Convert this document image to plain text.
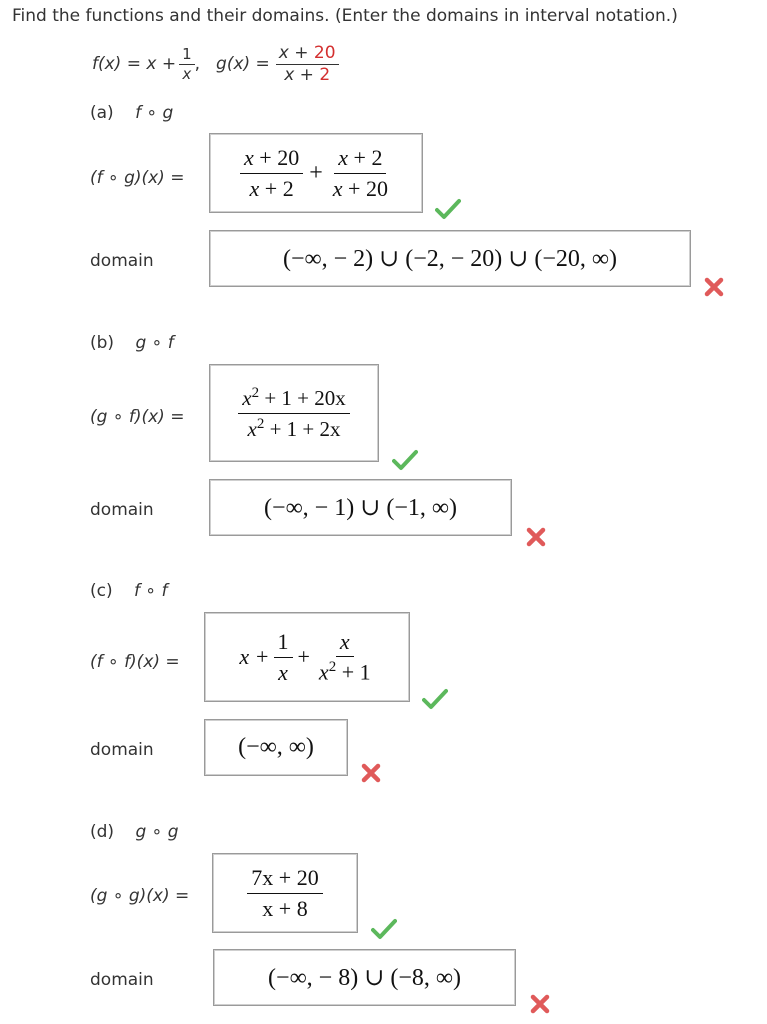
Find the functions and their domains. (Enter the domains in interval notation.)
$f(x) = x + \frac{1}{x}$ , $g(x) = \frac{x + 20}{x + 2}$
(a) f ∘ g
(f ∘ g)(x) =	$\frac{x + 20}{x + 2} + \frac{x + 2}{x + 20}$
domain	(−∞, − 2) ∪ (−2, − 20) ∪ (−20, ∞)
(b) g ∘ f
(g ∘ f)(x) =	$\frac{x^2 + 1 + 20x}{x^2 + 1 + 2x}$
domain	(−∞, − 1) ∪ (−1, ∞)
(c) f ∘ f
(f ∘ f)(x) =	$x + \frac{1}{x} + \frac{x}{x^2 + 1}$
domain	(−∞, ∞)
(d) g ∘ g
(g ∘ g)(x) =	$\frac{7x + 20}{x + 8}$
domain	(−∞, − 8) ∪ (−8, ∞)
